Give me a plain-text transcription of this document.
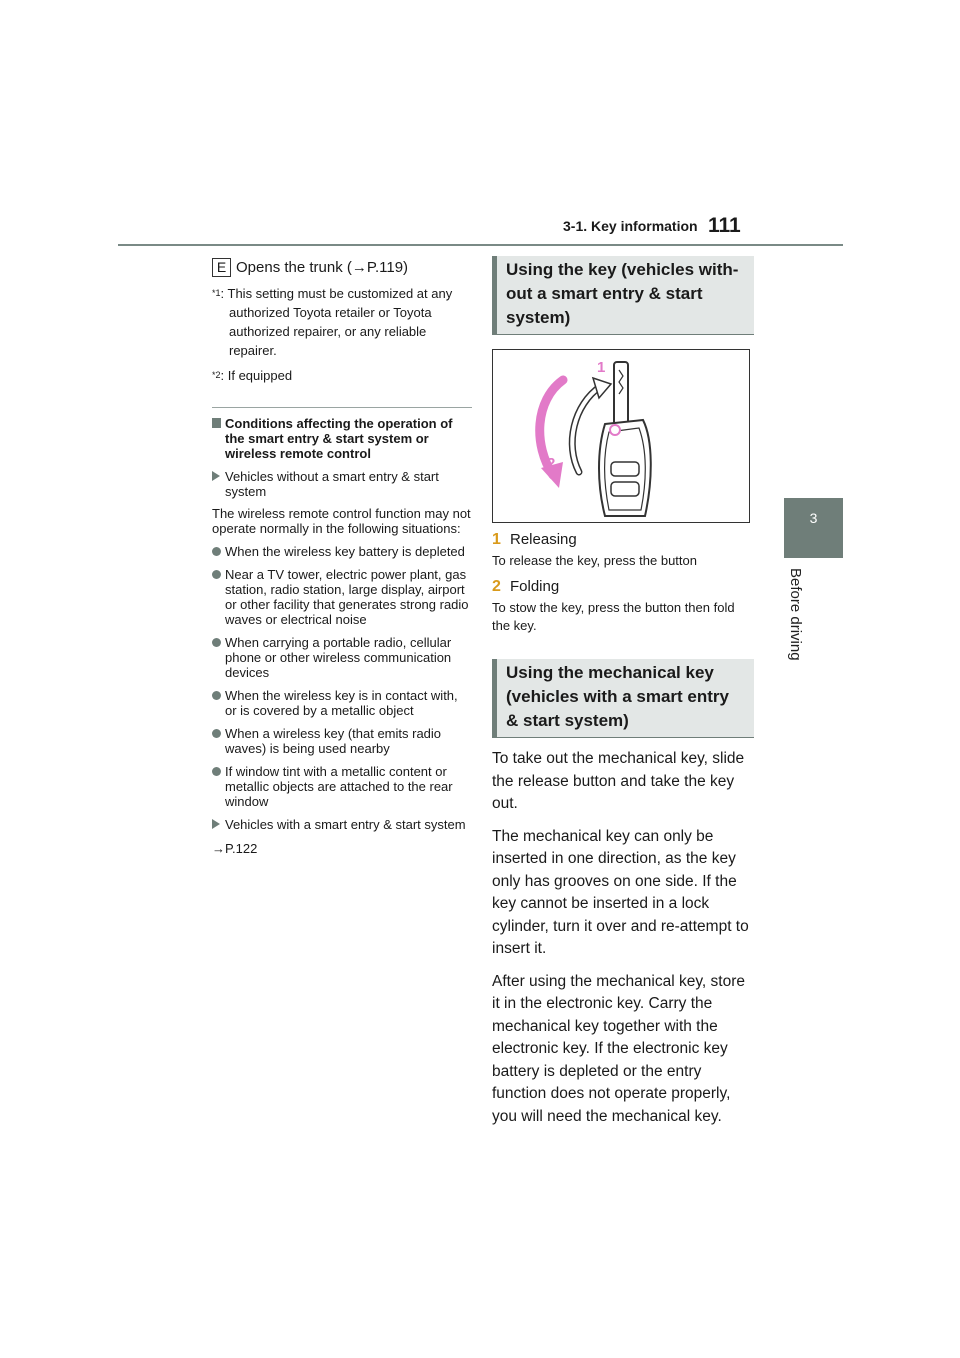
3-1. Key information 111
3
Before driving
E Opens the trunk (→P.119)
$^{*1}$: This setting must be customized at any authorized Toyota retailer or Toyota authorized repairer, or any reliable repairer.
$^{*2}$: If equipped
Conditions affecting the operation of the smart entry & start system or wireless remote control
Vehicles without a smart entry & start system
The wireless remote control function may not operate normally in the following situations:
When the wireless key battery is depleted
Near a TV tower, electric power plant, gas station, radio station, large display, airport or other facility that generates strong radio waves or electrical noise
When carrying a portable radio, cellular phone or other wireless communication devices
When the wireless key is in contact with, or is covered by a metallic object
When a wireless key (that emits radio waves) is being used nearby
If window tint with a metallic content or metallic objects are attached to the rear window
Vehicles with a smart entry & start system
→P.122
Using the key (vehicles with-
out a smart entry & start
system)
1
2
1 Releasing
To release the key, press the button
2 Folding
To stow the key, press the button then fold the key.
Using the mechanical key
(vehicles with a smart entry
& start system)
To take out the mechanical key, slide the release button and take the key out.
The mechanical key can only be inserted in one direction, as the key only has grooves on one side. If the key cannot be inserted in a lock cylinder, turn it over and re-attempt to insert it.
After using the mechanical key, store it in the electronic key. Carry the mechanical key together with the electronic key. If the electronic key battery is depleted or the entry function does not operate properly, you will need the mechanical key.
